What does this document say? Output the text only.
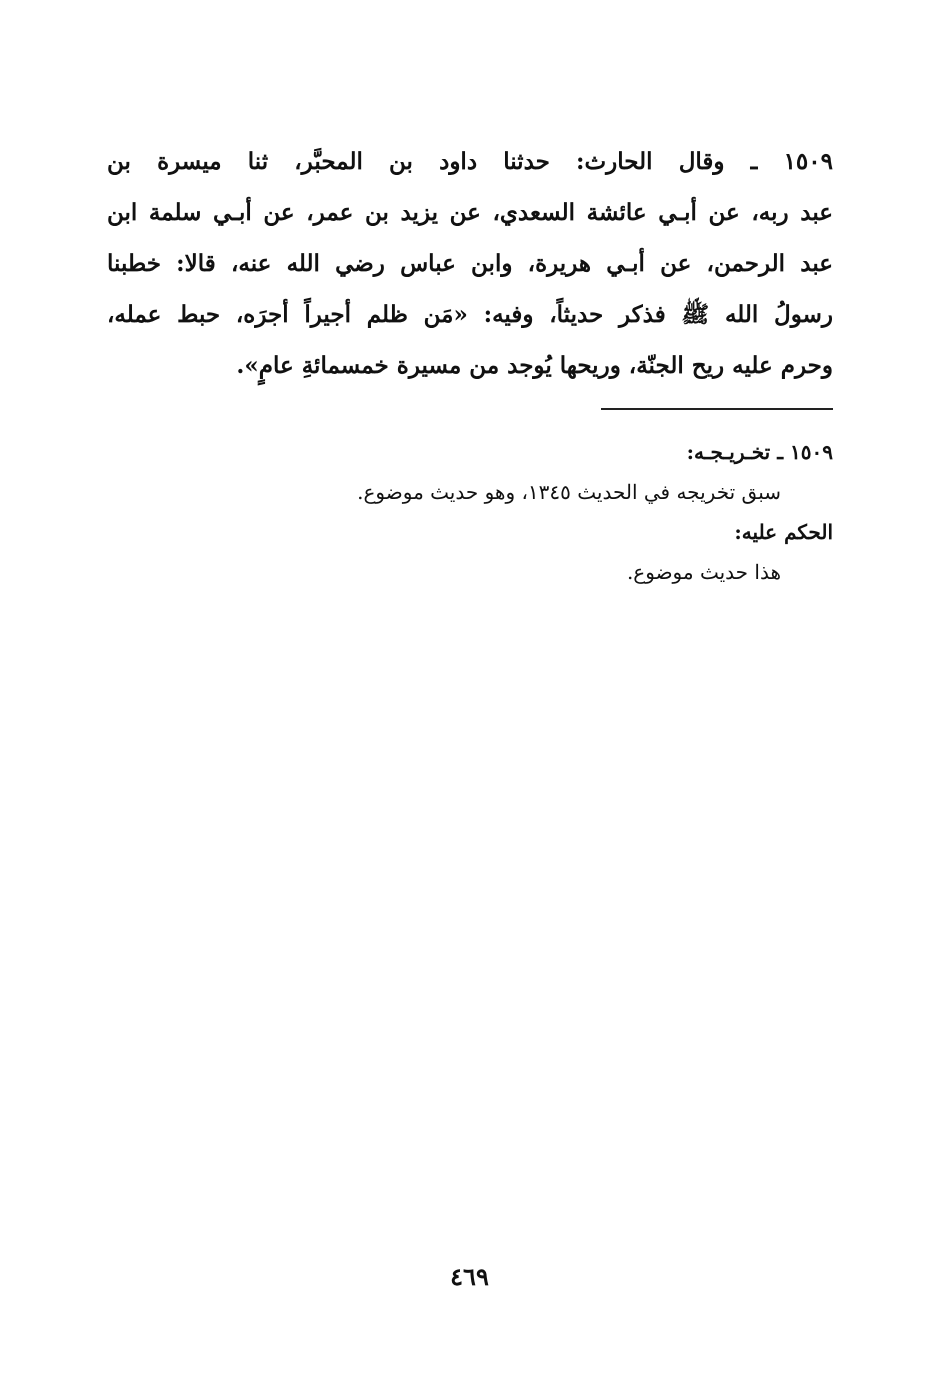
١٥٠٩ ـ وقال الحارث: حدثنا داود بن المحبَّر، ثنا ميسرة بن
عبد ربه، عن أبـي عائشة السعدي، عن يزيد بن عمر، عن أبـي سلمة ابن
عبد الرحمن، عن أبـي هريرة، وابن عباس رضي الله عنه، قالا: خطبنا
رسولُ الله ﷺ فذكر حديثاً، وفيه: «مَن ظلم أجيراً أجرَه، حبط عمله،
وحرم عليه ريح الجنّة، وريحها يُوجد من مسيرة خمسمائةِ عامٍ».
١٥٠٩ ـ تخـريـجـه:
سبق تخريجه في الحديث ١٣٤٥، وهو حديث موضوع.
الحكم عليه:
هذا حديث موضوع.
٤٦٩
